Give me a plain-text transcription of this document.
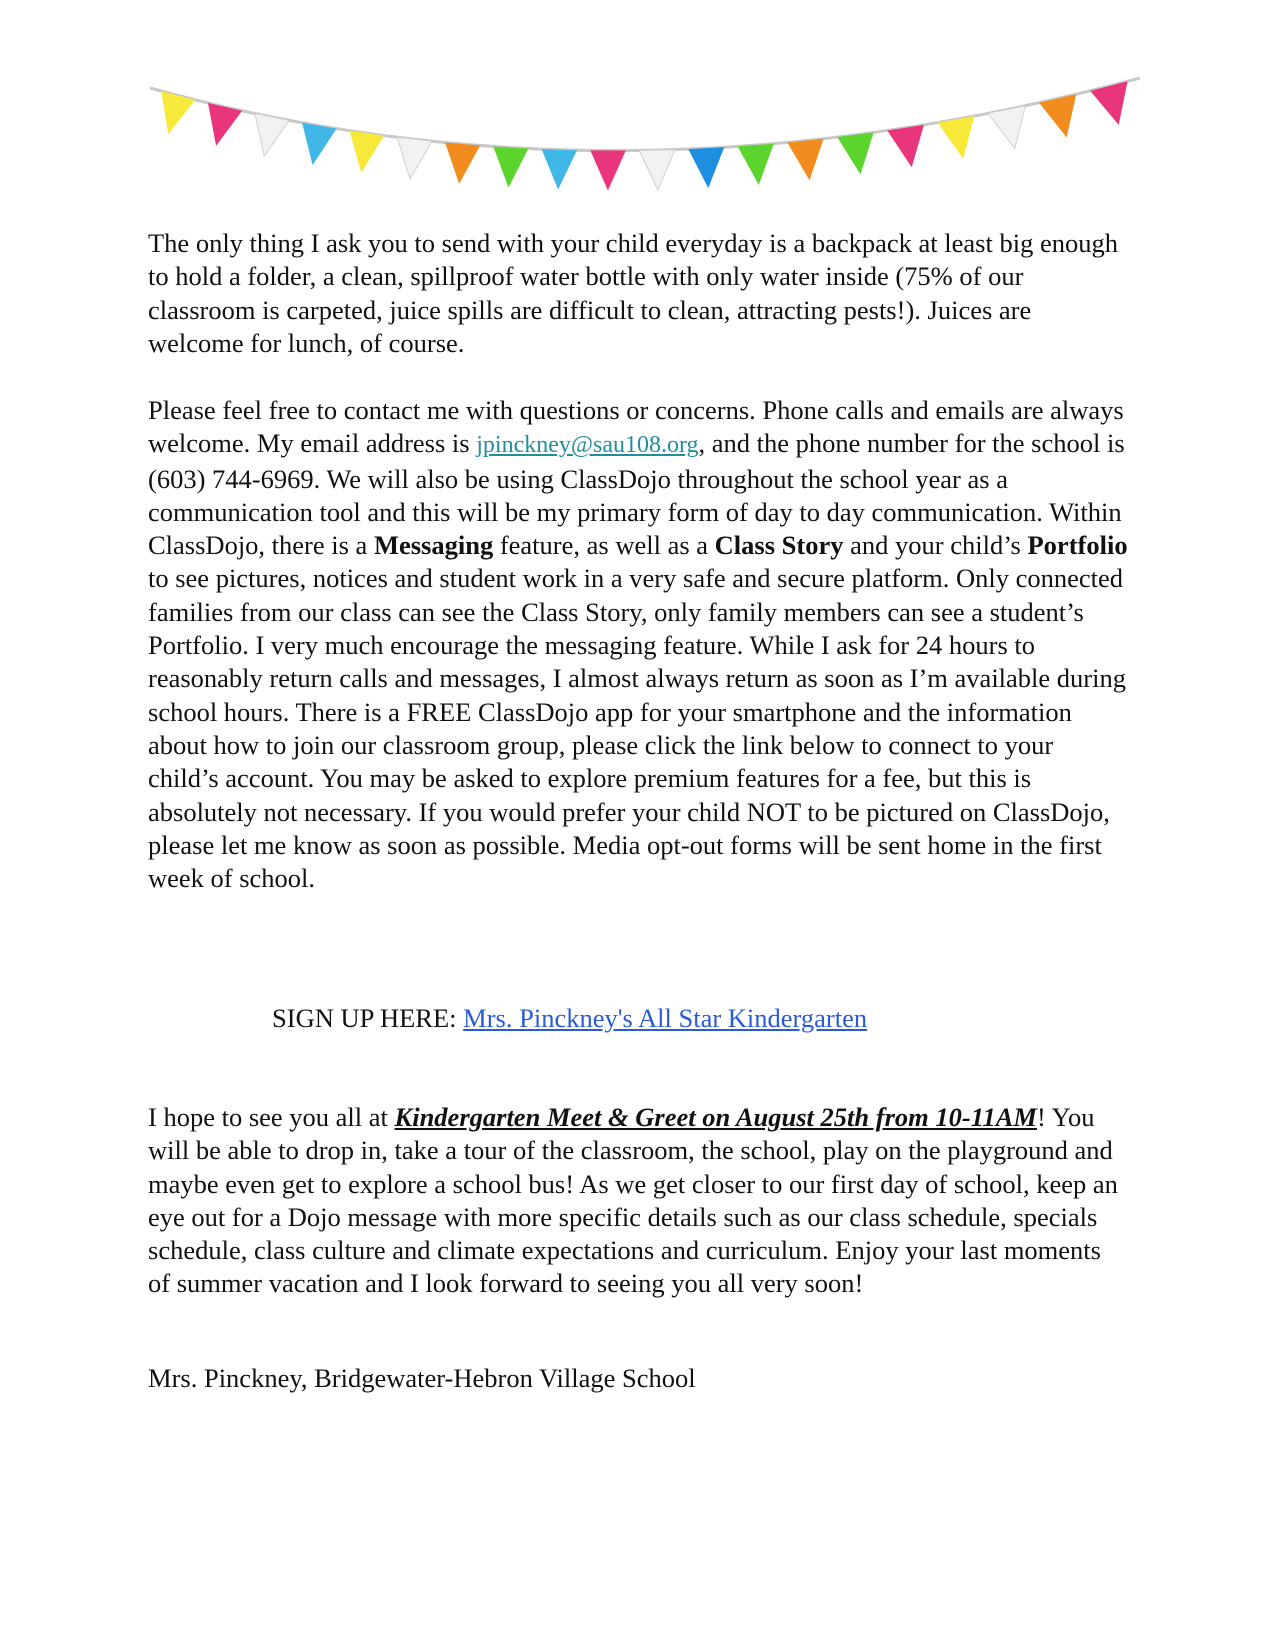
The only thing I ask you to send with your child everyday is a backpack at least big enough to hold a folder, a clean, spillproof water bottle with only water inside (75% of our classroom is carpeted, juice spills are difficult to clean, attracting pests!). Juices are welcome for lunch, of course.

Please feel free to contact me with questions or concerns. Phone calls and emails are always welcome. My email address is jpinckney@sau108.org, and the phone number for the school is (603) 744-6969. We will also be using ClassDojo throughout the school year as a communication tool and this will be my primary form of day to day communication. Within ClassDojo, there is a Messaging feature, as well as a Class Story and your child’s Portfolio to see pictures, notices and student work in a very safe and secure platform. Only connected families from our class can see the Class Story, only family members can see a student’s Portfolio. I very much encourage the messaging feature. While I ask for 24 hours to reasonably return calls and messages, I almost always return as soon as I’m available during school hours. There is a FREE ClassDojo app for your smartphone and the information about how to join our classroom group, please click the link below to connect to your child’s account. You may be asked to explore premium features for a fee, but this is absolutely not necessary. If you would prefer your child NOT to be pictured on ClassDojo, please let me know as soon as possible. Media opt-out forms will be sent home in the first week of school.

SIGN UP HERE: Mrs. Pinckney's All Star Kindergarten

I hope to see you all at Kindergarten Meet & Greet on August 25th from 10-11AM! You will be able to drop in, take a tour of the classroom, the school, play on the playground and maybe even get to explore a school bus! As we get closer to our first day of school, keep an eye out for a Dojo message with more specific details such as our class schedule, specials schedule, class culture and climate expectations and curriculum. Enjoy your last moments of summer vacation and I look forward to seeing you all very soon!

Mrs. Pinckney, Bridgewater-Hebron Village School
